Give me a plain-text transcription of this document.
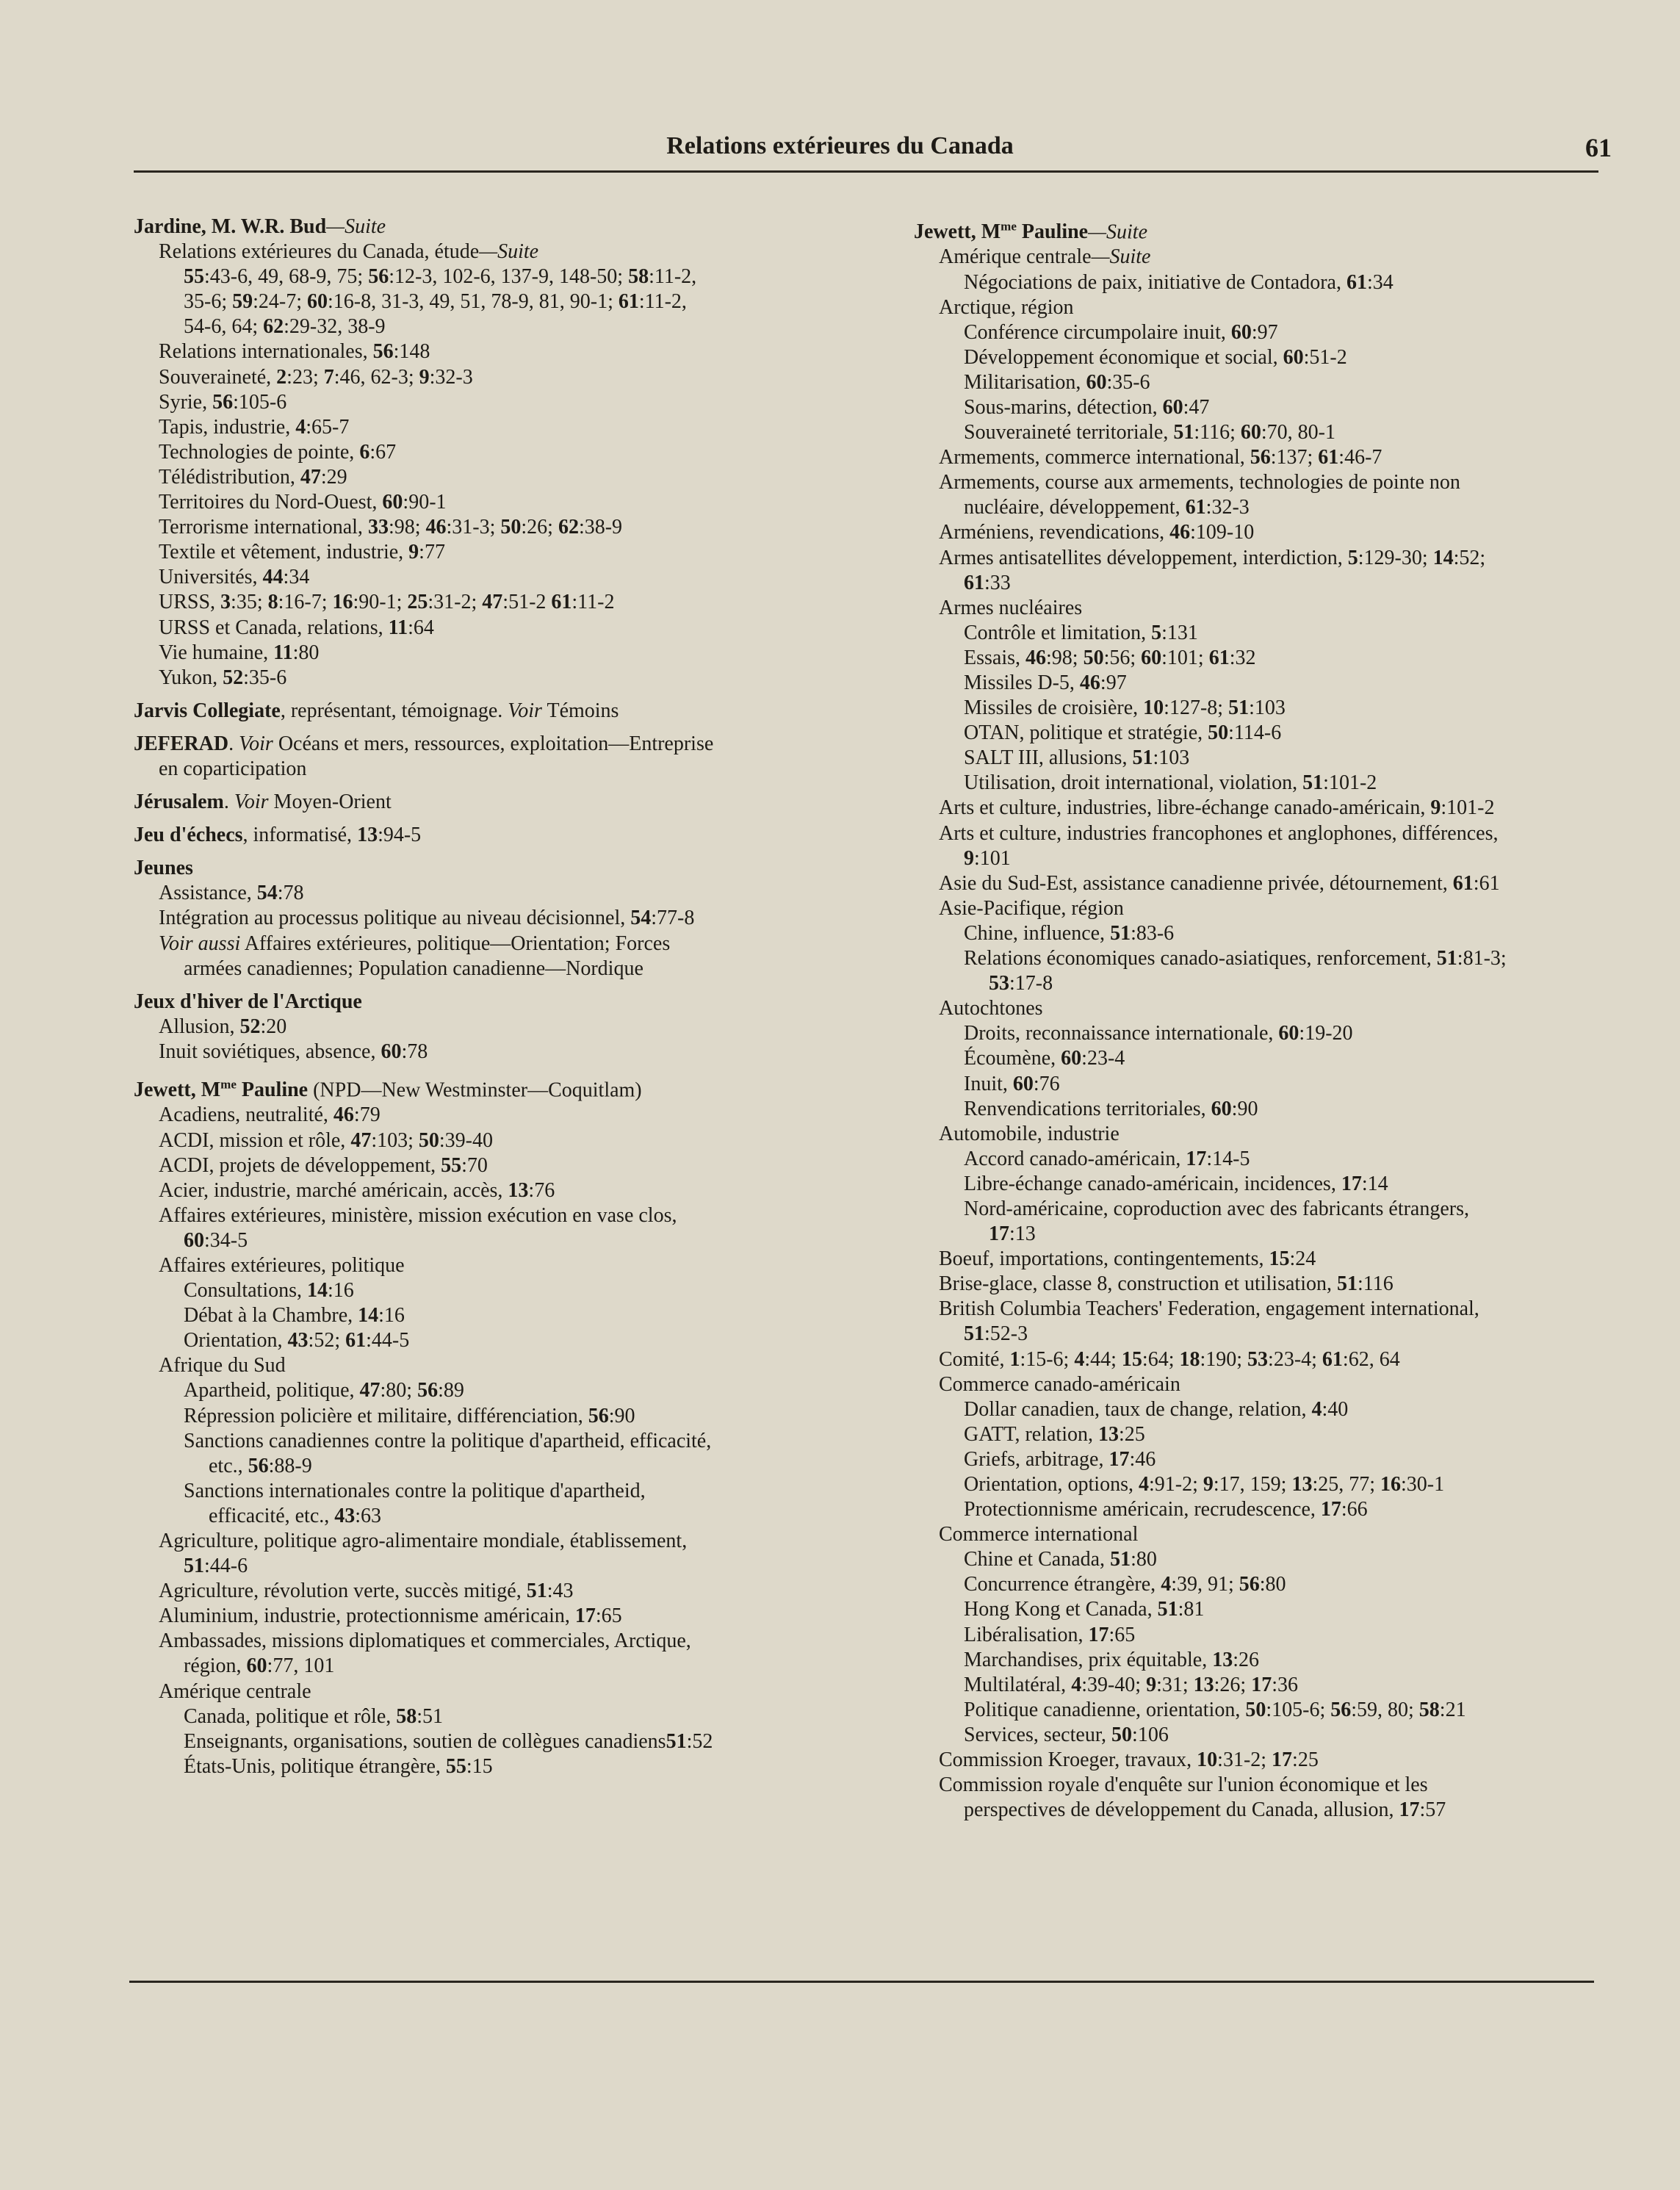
Relations extérieures du Canada	61
Jardine, M. W.R. Bud—Suite
Relations extérieures du Canada, étude—Suite
55:43-6, 49, 68-9, 75; 56:12-3, 102-6, 137-9, 148-50; 58:11-2,
35-6; 59:24-7; 60:16-8, 31-3, 49, 51, 78-9, 81, 90-1; 61:11-2,
54-6, 64; 62:29-32, 38-9
Relations internationales, 56:148
Souveraineté, 2:23; 7:46, 62-3; 9:32-3
Syrie, 56:105-6
Tapis, industrie, 4:65-7
Technologies de pointe, 6:67
Télédistribution, 47:29
Territoires du Nord-Ouest, 60:90-1
Terrorisme international, 33:98; 46:31-3; 50:26; 62:38-9
Textile et vêtement, industrie, 9:77
Universités, 44:34
URSS, 3:35; 8:16-7; 16:90-1; 25:31-2; 47:51-2 61:11-2
URSS et Canada, relations, 11:64
Vie humaine, 11:80
Yukon, 52:35-6
Jarvis Collegiate, représentant, témoignage. Voir Témoins
JEFERAD. Voir Océans et mers, ressources, exploitation—Entreprise
en coparticipation
Jérusalem. Voir Moyen-Orient
Jeu d'échecs, informatisé, 13:94-5
Jeunes
Assistance, 54:78
Intégration au processus politique au niveau décisionnel, 54:77-8
Voir aussi Affaires extérieures, politique—Orientation; Forces
armées canadiennes; Population canadienne—Nordique
Jeux d'hiver de l'Arctique
Allusion, 52:20
Inuit soviétiques, absence, 60:78
Jewett, $M^{me}$ Pauline (NPD—New Westminster—Coquitlam)
Acadiens, neutralité, 46:79
ACDI, mission et rôle, 47:103; 50:39-40
ACDI, projets de développement, 55:70
Acier, industrie, marché américain, accès, 13:76
Affaires extérieures, ministère, mission exécution en vase clos,
60:34-5
Affaires extérieures, politique
Consultations, 14:16
Débat à la Chambre, 14:16
Orientation, 43:52; 61:44-5
Afrique du Sud
Apartheid, politique, 47:80; 56:89
Répression policière et militaire, différenciation, 56:90
Sanctions canadiennes contre la politique d'apartheid, efficacité,
etc., 56:88-9
Sanctions internationales contre la politique d'apartheid,
efficacité, etc., 43:63
Agriculture, politique agro-alimentaire mondiale, établissement,
51:44-6
Agriculture, révolution verte, succès mitigé, 51:43
Aluminium, industrie, protectionnisme américain, 17:65
Ambassades, missions diplomatiques et commerciales, Arctique,
région, 60:77, 101
Amérique centrale
Canada, politique et rôle, 58:51
Enseignants, organisations, soutien de collègues canadiens51:52
États-Unis, politique étrangère, 55:15
Jewett, $M^{me}$ Pauline—Suite
Amérique centrale—Suite
Négociations de paix, initiative de Contadora, 61:34
Arctique, région
Conférence circumpolaire inuit, 60:97
Développement économique et social, 60:51-2
Militarisation, 60:35-6
Sous-marins, détection, 60:47
Souveraineté territoriale, 51:116; 60:70, 80-1
Armements, commerce international, 56:137; 61:46-7
Armements, course aux armements, technologies de pointe non
nucléaire, développement, 61:32-3
Arméniens, revendications, 46:109-10
Armes antisatellites développement, interdiction, 5:129-30; 14:52;
61:33
Armes nucléaires
Contrôle et limitation, 5:131
Essais, 46:98; 50:56; 60:101; 61:32
Missiles D-5, 46:97
Missiles de croisière, 10:127-8; 51:103
OTAN, politique et stratégie, 50:114-6
SALT III, allusions, 51:103
Utilisation, droit international, violation, 51:101-2
Arts et culture, industries, libre-échange canado-américain, 9:101-2
Arts et culture, industries francophones et anglophones, différences,
9:101
Asie du Sud-Est, assistance canadienne privée, détournement, 61:61
Asie-Pacifique, région
Chine, influence, 51:83-6
Relations économiques canado-asiatiques, renforcement, 51:81-3;
53:17-8
Autochtones
Droits, reconnaissance internationale, 60:19-20
Écoumène, 60:23-4
Inuit, 60:76
Renvendications territoriales, 60:90
Automobile, industrie
Accord canado-américain, 17:14-5
Libre-échange canado-américain, incidences, 17:14
Nord-américaine, coproduction avec des fabricants étrangers,
17:13
Boeuf, importations, contingentements, 15:24
Brise-glace, classe 8, construction et utilisation, 51:116
British Columbia Teachers' Federation, engagement international,
51:52-3
Comité, 1:15-6; 4:44; 15:64; 18:190; 53:23-4; 61:62, 64
Commerce canado-américain
Dollar canadien, taux de change, relation, 4:40
GATT, relation, 13:25
Griefs, arbitrage, 17:46
Orientation, options, 4:91-2; 9:17, 159; 13:25, 77; 16:30-1
Protectionnisme américain, recrudescence, 17:66
Commerce international
Chine et Canada, 51:80
Concurrence étrangère, 4:39, 91; 56:80
Hong Kong et Canada, 51:81
Libéralisation, 17:65
Marchandises, prix équitable, 13:26
Multilatéral, 4:39-40; 9:31; 13:26; 17:36
Politique canadienne, orientation, 50:105-6; 56:59, 80; 58:21
Services, secteur, 50:106
Commission Kroeger, travaux, 10:31-2; 17:25
Commission royale d'enquête sur l'union économique et les
perspectives de développement du Canada, allusion, 17:57
